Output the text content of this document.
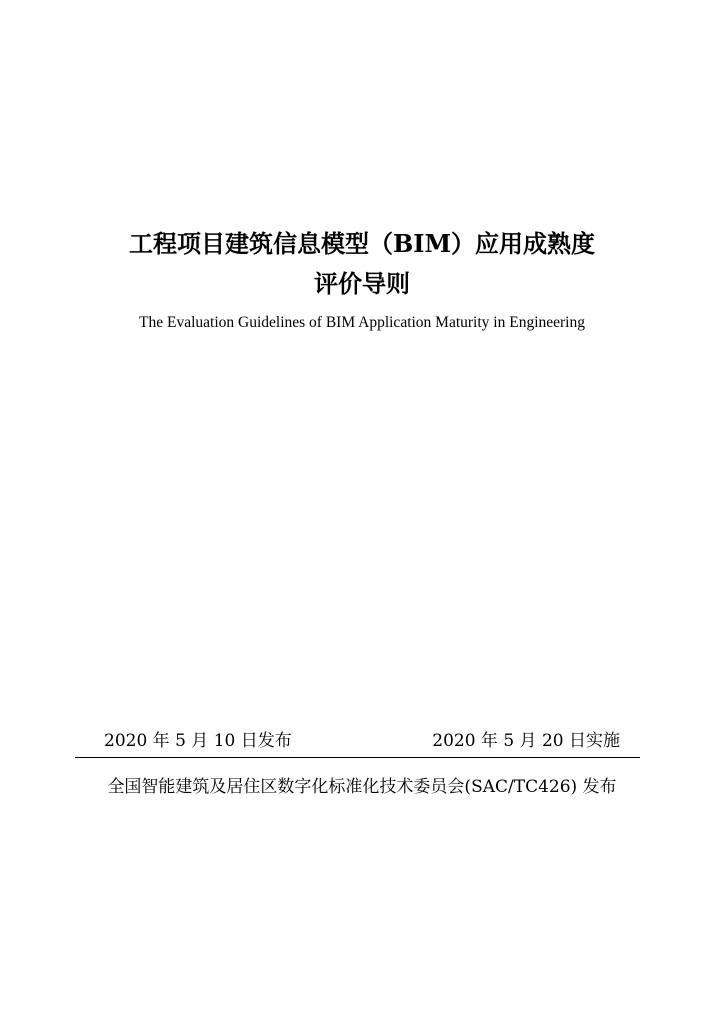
工程项目建筑信息模型（BIM）应用成熟度
评价导则
The Evaluation Guidelines of BIM Application Maturity in Engineering
2020 年 5 月 10 日发布	2020 年 5 月 20 日实施
全国智能建筑及居住区数字化标准化技术委员会(SAC/TC426) 发布
